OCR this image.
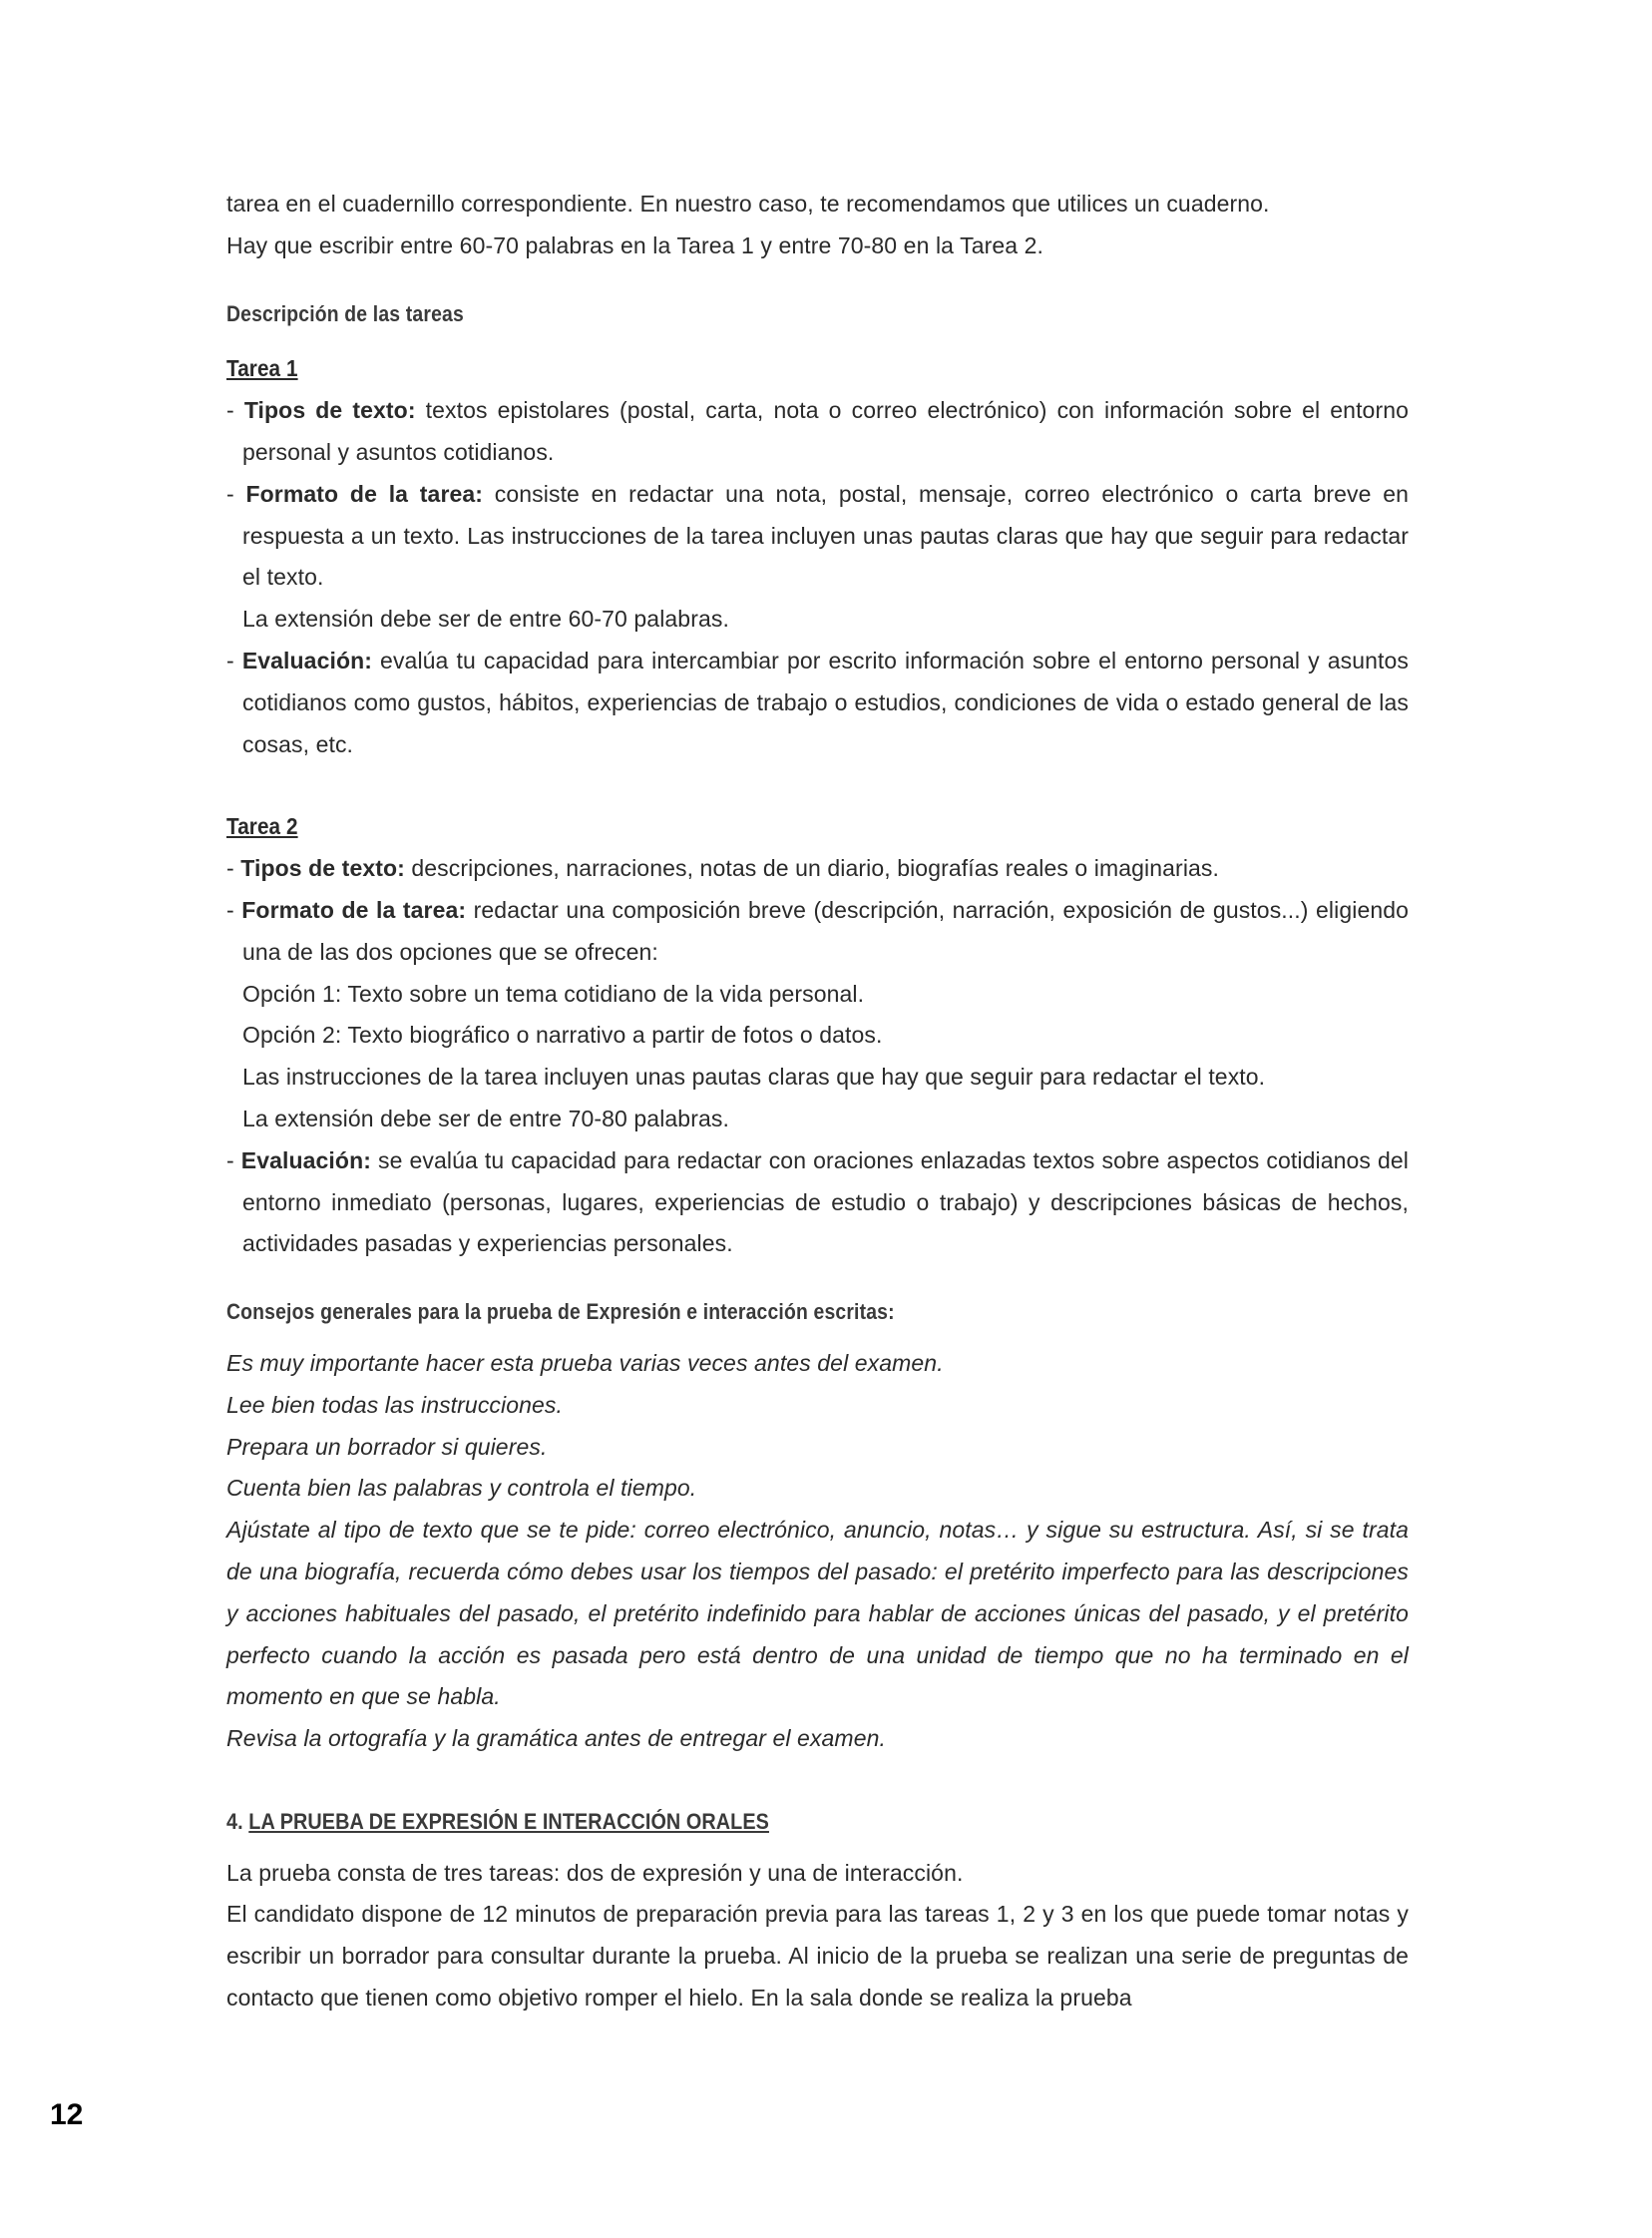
tarea en el cuadernillo correspondiente. En nuestro caso, te recomendamos que utilices un cuaderno.

Hay que escribir entre 60-70 palabras en la Tarea 1 y entre 70-80 en la Tarea 2.

Descripción de las tareas

Tarea 1

- Tipos de texto: textos epistolares (postal, carta, nota o correo electrónico) con información sobre el entorno personal y asuntos cotidianos.

- Formato de la tarea: consiste en redactar una nota, postal, mensaje, correo electrónico o carta breve en respuesta a un texto. Las instrucciones de la tarea incluyen unas pautas claras que hay que seguir para redactar el texto.

La extensión debe ser de entre 60-70 palabras.

- Evaluación: evalúa tu capacidad para intercambiar por escrito información sobre el entorno personal y asuntos cotidianos como gustos, hábitos, experiencias de trabajo o estudios, condiciones de vida o estado general de las cosas, etc.

Tarea 2

- Tipos de texto: descripciones, narraciones, notas de un diario, biografías reales o imaginarias.

- Formato de la tarea: redactar una composición breve (descripción, narración, exposición de gustos...) eligiendo una de las dos opciones que se ofrecen:

Opción 1: Texto sobre un tema cotidiano de la vida personal.

Opción 2: Texto biográfico o narrativo a partir de fotos o datos.

Las instrucciones de la tarea incluyen unas pautas claras que hay que seguir para redactar el texto.

La extensión debe ser de entre 70-80 palabras.

- Evaluación: se evalúa tu capacidad para redactar con oraciones enlazadas textos sobre aspectos cotidianos del entorno inmediato (personas, lugares, experiencias de estudio o trabajo) y descripciones básicas de hechos, actividades pasadas y experiencias personales.

Consejos generales para la prueba de Expresión e interacción escritas:

Es muy importante hacer esta prueba varias veces antes del examen.

Lee bien todas las instrucciones.

Prepara un borrador si quieres.

Cuenta bien las palabras y controla el tiempo.

Ajústate al tipo de texto que se te pide: correo electrónico, anuncio, notas… y sigue su estructura. Así, si se trata de una biografía, recuerda cómo debes usar los tiempos del pasado: el pretérito imperfecto para las descripciones y acciones habituales del pasado, el pretérito indefinido para hablar de acciones únicas del pasado, y el pretérito perfecto cuando la acción es pasada pero está dentro de una unidad de tiempo que no ha terminado en el momento en que se habla.

Revisa la ortografía y la gramática antes de entregar el examen.

4. LA PRUEBA DE EXPRESIÓN E INTERACCIÓN ORALES

La prueba consta de tres tareas: dos de expresión y una de interacción.

El candidato dispone de 12 minutos de preparación previa para las tareas 1, 2 y 3 en los que puede tomar notas y escribir un borrador para consultar durante la prueba. Al inicio de la prueba se realizan una serie de preguntas de contacto que tienen como objetivo romper el hielo. En la sala donde se realiza la prueba

12
